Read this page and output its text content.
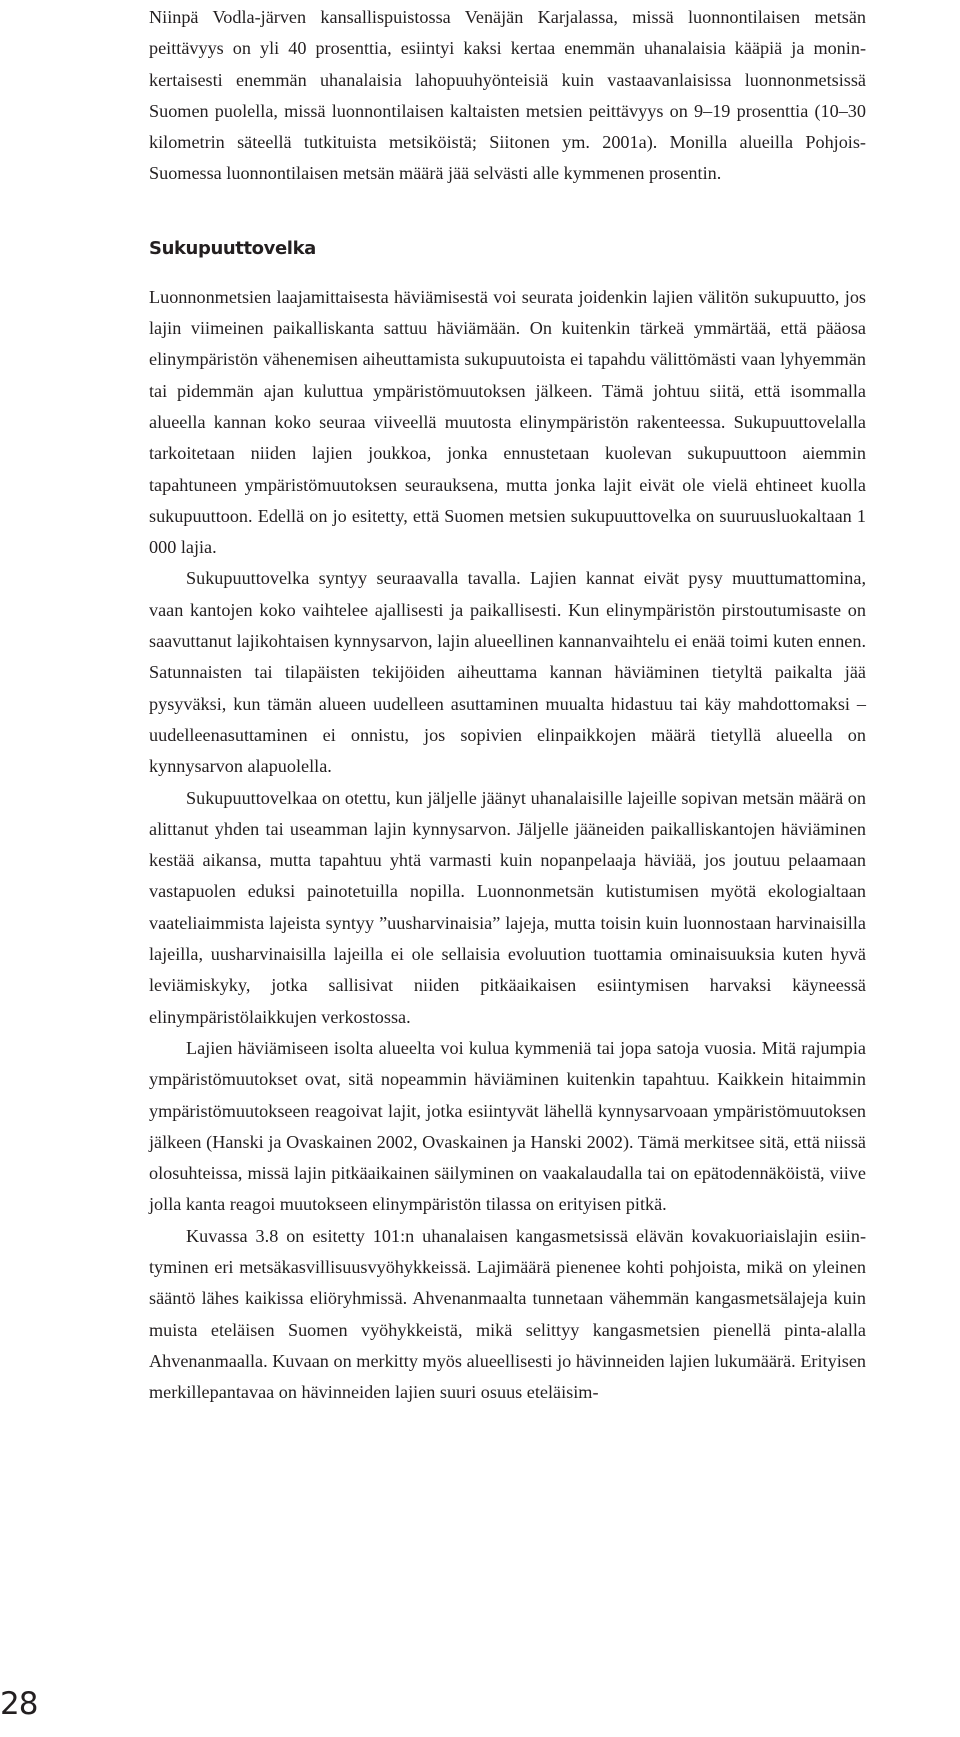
Niinpä Vodla-järven kansallispuistossa Venäjän Karjalassa, missä luonnontilaisen metsän peittävyys on yli 40 prosenttia, esiintyi kaksi kertaa enemmän uhanalaisia kääpiä ja moninkertaisesti enemmän uhanalaisia lahopuuhyönteisiä kuin vastaavanlaisissa luonnonmetsissä Suomen puolella, missä luonnontilaisen kaltaisten metsien peittävyys on 9–19 prosenttia (10–30 kilometrin säteellä tutkituista metsiköistä; Siitonen ym. 2001a). Monilla alueilla Pohjois-Suomessa luonnontilaisen metsän määrä jää selvästi alle kymmenen prosentin.

Sukupuuttovelka

Luonnonmetsien laajamittaisesta häviämisestä voi seurata joidenkin lajien välitön sukupuutto, jos lajin viimeinen paikalliskanta sattuu häviämään. On kuitenkin tärkeä ymmärtää, että pääosa elinympäristön vähenemisen aiheuttamista sukupuutoista ei tapahdu välittömästi vaan lyhyemmän tai pidemmän ajan kuluttua ympäristömuutoksen jälkeen. Tämä johtuu siitä, että isommalla alueella kannan koko seuraa viiveellä muutosta elinympäristön rakenteessa. Sukupuuttovelalla tarkoitetaan niiden lajien joukkoa, jonka ennustetaan kuolevan sukupuuttoon aiemmin tapahtuneen ympäristömuutoksen seurauksena, mutta jonka lajit eivät ole vielä ehtineet kuolla sukupuuttoon. Edellä on jo esitetty, että Suomen metsien sukupuuttovelka on suuruusluokaltaan 1 000 lajia.

Sukupuuttovelka syntyy seuraavalla tavalla. Lajien kannat eivät pysy muuttumattomina, vaan kantojen koko vaihtelee ajallisesti ja paikallisesti. Kun elinympäristön pirstoutumisaste on saavuttanut lajikohtaisen kynnysarvon, lajin alueellinen kannanvaihtelu ei enää toimi kuten ennen. Satunnaisten tai tilapäisten tekijöiden aiheuttama kannan häviäminen tietyltä paikalta jää pysyväksi, kun tämän alueen uudelleen asuttaminen muualta hidastuu tai käy mahdottomaksi – uudelleenasuttaminen ei onnistu, jos sopivien elinpaikkojen määrä tietyllä alueella on kynnysarvon alapuolella.

Sukupuuttovelkaa on otettu, kun jäljelle jäänyt uhanalaisille lajeille sopivan metsän määrä on alittanut yhden tai useamman lajin kynnysarvon. Jäljelle jääneiden paikalliskantojen häviäminen kestää aikansa, mutta tapahtuu yhtä varmasti kuin nopanpelaaja häviää, jos joutuu pelaamaan vastapuolen eduksi painotetuilla nopilla. Luonnonmetsän kutistumisen myötä ekologialtaan vaateliaimmista lajeista syntyy ”uusharvinaisia” lajeja, mutta toisin kuin luonnostaan harvinaisilla lajeilla, uusharvinaisilla lajeilla ei ole sellaisia evoluution tuottamia ominaisuuksia kuten hyvä leviämiskyky, jotka sallisivat niiden pitkäaikaisen esiintymisen harvaksi käyneessä elinympäristölaikkujen verkostossa.

Lajien häviämiseen isolta alueelta voi kulua kymmeniä tai jopa satoja vuosia. Mitä rajumpia ympäristömuutokset ovat, sitä nopeammin häviäminen kuitenkin tapahtuu. Kaikkein hitaimmin ympäristömuutokseen reagoivat lajit, jotka esiintyvät lähellä kynnysarvoaan ympäristömuutoksen jälkeen (Hanski ja Ovaskainen 2002, Ovaskainen ja Hanski 2002). Tämä merkitsee sitä, että niissä olosuhteissa, missä lajin pitkäaikainen säilyminen on vaakalaudalla tai on epätodennäköistä, viive jolla kanta reagoi muutokseen elinympäristön tilassa on erityisen pitkä.

Kuvassa 3.8 on esitetty 101:n uhanalaisen kangasmetsissä elävän kovakuoriaislajin esiintyminen eri metsäkasvillisuusvyöhykkeissä. Lajimäärä pienenee kohti pohjoista, mikä on yleinen sääntö lähes kaikissa eliöryhmissä. Ahvenanmaalta tunnetaan vähemmän kangasmetsälajeja kuin muista eteläisen Suomen vyöhykkeistä, mikä selittyy kangasmetsien pienellä pinta-alalla Ahvenanmaalla. Kuvaan on merkitty myös alueellisesti jo hävinneiden lajien lukumäärä. Erityisen merkillepantavaa on hävinneiden lajien suuri osuus eteläisim-

28
